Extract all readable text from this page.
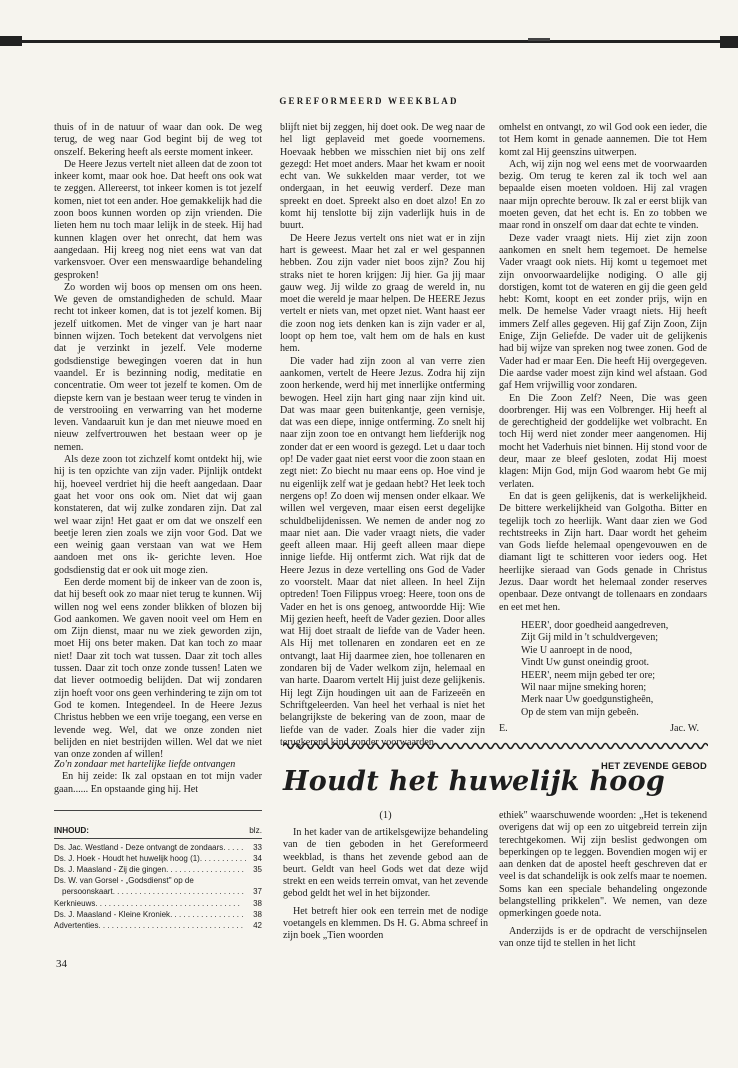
GEREFORMEERD WEEKBLAD

thuis of in de natuur of waar dan ook. De weg terug, de weg naar God begint bij de weg tot onszelf. Bekering heeft als eerste moment inkeer.

De Heere Jezus vertelt niet alleen dat de zoon tot inkeer komt, maar ook hoe. Dat heeft ons ook wat te zeggen. Allereerst, tot inkeer komen is tot jezelf komen, niet tot een ander. Hoe gemakkelijk had die zoon boos kunnen worden op zijn vrienden. Die lieten hem nu toch maar lelijk in de steek. Hij had kunnen klagen over het onrecht, dat hem was aangedaan. Hij kreeg nog niet eens wat van dat varkensvoer. Over een menswaardige behandeling gesproken!

Zo worden wij boos op mensen om ons heen. We geven de omstandigheden de schuld. Maar recht tot inkeer komen, dat is tot jezelf komen. Bij jezelf uitkomen. Met de vinger van je hart naar binnen wijzen. Toch betekent dat vervolgens niet dat je verzinkt in jezelf. Vele moderne godsdienstige bewegingen voeren dat in hun vaandel. Er is bezinning nodig, meditatie en concentratie. Om weer tot jezelf te komen. Om de diepste kern van je bestaan weer terug te vinden in de verstrooiing en verwarring van het moderne leven. Vandaaruit kun je dan met nieuwe moed en nieuw zelfvertrouwen het bestaan weer op je nemen.

Als deze zoon tot zichzelf komt ontdekt hij, wie hij is ten opzichte van zijn vader. Pijnlijk ontdekt hij, hoeveel verdriet hij die heeft aangedaan. Daar gaat het voor ons ook om. Niet dat wij gaan konstateren, dat wij zulke zondaren zijn. Dat zal wel waar zijn! Het gaat er om dat we onszelf een beetje leren zien zoals we zijn voor God. Dat we een weinig gaan verstaan van wat we Hem aandoen met ons ik- gerichte leven. Hoe godsdienstig dat er ook uit moge zien.

Een derde moment bij de inkeer van de zoon is, dat hij beseft ook zo maar niet terug te kunnen. Wij willen nog wel eens zonder blikken of blozen bij God aankomen. We gaven nooit veel om Hem en om Zijn dienst, maar nu we ziek geworden zijn, moet Hij ons beter maken. Dat kan toch zo maar niet! Daar zit toch wat tussen. Daar zit toch alles tussen. Daar zit toch onze zonde tussen! Laten we dat liever ootmoedig belijden. Dat wij zondaren zijn hoeft voor ons geen verhindering te zijn om tot God te komen. Integendeel. In de Heere Jezus Christus hebben we een vrije toegang, een verse en levende weg. Wel, dat we onze zonden niet belijden en niet bestrijden willen. Wel dat we niet van onze zonden af willen!

Zo'n zondaar met hartelijke liefde ontvangen

En hij zeide: Ik zal opstaan en tot mijn vader gaan...... En opstaande ging hij. Het

INHOUD:	blz.
Ds. Jac. Westland - Deze ontvangt de zondaars . . .	33
Ds. J. Hoek - Houdt het huwelijk hoog (1) . . .	34
Ds. J. Maasland - Zij die gingen . . .	35
Ds. W. van Gorsel - „Godsdienst" op de
persoonskaart . . .	37
Kerknieuws . . .	38
Ds. J. Maasland - Kleine Kroniek . . .	38
Advertenties . . .	42
34

blijft niet bij zeggen, hij doet ook. De weg naar de hel ligt geplaveid met goede voornemens. Hoevaak hebben we misschien niet bij ons zelf gezegd: Het moet anders. Maar het kwam er nooit echt van. We sukkelden maar verder, tot we ondergaan, in het eeuwig verderf. Deze man spreekt en doet. Spreekt also en doet alzo! En zo komt hij tenslotte bij zijn vaderlijk huis in de buurt.

De Heere Jezus vertelt ons niet wat er in zijn hart is geweest. Maar het zal er wel gespannen hebben. Zou zijn vader niet boos zijn? Zou hij straks niet te horen krijgen: Jij hier. Ga jij maar gauw weg. Jij wilde zo graag de wereld in, nu moet die wereld je maar helpen. De HEERE Jezus vertelt er niets van, met opzet niet. Want haast eer die zoon nog iets denken kan is zijn vader er al, loopt op hem toe, valt hem om de hals en kust hem.

Die vader had zijn zoon al van verre zien aankomen, vertelt de Heere Jezus. Zodra hij zijn zoon herkende, werd hij met innerlijke ontferming bewogen. Heel zijn hart ging naar zijn kind uit. Dat was maar geen buitenkantje, geen vernisje, dat was een diepe, innige ontferming. Zo snelt hij naar zijn zoon toe en ontvangt hem liefderijk nog zonder dat er een woord is gezegd. Let u daar toch op! De vader gaat niet eerst voor die zoon staan en zegt niet: Zo biecht nu maar eens op. Hoe vind je nu eigenlijk zelf wat je gedaan hebt? Het leek toch nergens op! Zo doen wij mensen onder elkaar. We willen wel vergeven, maar eisen eerst degelijke schuldbelijdenissen. We nemen de ander nog zo maar niet aan. Die vader vraagt niets, die vader geeft alleen maar. Hij geeft alleen maar diepe innige liefde. Hij ontfermt zich. Wat rijk dat de Heere Jezus in deze vertelling ons God de Vader zo voorstelt. Maar dat niet alleen. In heel Zijn optreden! Toen Filippus vroeg: Heere, toon ons de Vader en het is ons genoeg, antwoordde Hij: Wie Mij gezien heeft, heeft de Vader gezien. Door alles wat Hij doet straalt de liefde van de Vader heen. Als Hij met tollenaren en zondaren eet en ze ontvangt, laat Hij daarmee zien, hoe tollenaren en zondaren bij de Vader welkom zijn, helemaal en van harte. Daarom vertelt Hij juist deze gelijkenis. Hij legt Zijn houdingen uit aan de Farizeeën en Schriftgeleerden. Van heel het verhaal is niet het belangrijkste de bekering van de zoon, maar de liefde van de vader. Zoals hier die vader zijn terugkerend kind zonder voorwaarden

omhelst en ontvangt, zo wil God ook een ieder, die tot Hem komt in genade aannemen. Die tot Hem komt zal Hij geenszins uitwerpen.

Ach, wij zijn nog wel eens met de voorwaarden bezig. Om terug te keren zal ik toch wel aan bepaalde eisen moeten voldoen. Hij zal vragen naar mijn oprechte berouw. Ik zal er eerst blijk van moeten geven, dat het echt is. En zo tobben we maar rond in onszelf om daar dat echte te vinden.

Deze vader vraagt niets. Hij ziet zijn zoon aankomen en snelt hem tegemoet. De hemelse Vader vraagt ook niets. Hij komt u tegemoet met zijn onvoorwaardelijke nodiging. O alle gij dorstigen, komt tot de wateren en gij die geen geld hebt: Komt, koopt en eet zonder prijs, wijn en melk. De hemelse Vader vraagt niets. Hij heeft immers Zelf alles gegeven. Hij gaf Zijn Zoon, Zijn Enige, Zijn Geliefde. De vader uit de gelijkenis had bij wijze van spreken nog twee zonen. God de Vader had er maar Een. Die heeft Hij overgegeven. Die aardse vader moest zijn kind wel afstaan. God gaf Hem vrijwillig voor zondaren.

En Die Zoon Zelf? Neen, Die was geen doorbrenger. Hij was een Volbrenger. Hij heeft al de gerechtigheid der goddelijke wet volbracht. En toch Hij werd niet zonder meer aangenomen. Hij mocht het Vaderhuis niet binnen. Hij stond voor de deur, maar ze bleef gesloten, zodat Hij moest klagen: Mijn God, mijn God waarom hebt Ge mij verlaten.

En dat is geen gelijkenis, dat is werkelijkheid. De bittere werkelijkheid van Golgotha. Bitter en tegelijk toch zo heerlijk. Want daar zien we God rechtstreeks in Zijn hart. Daar wordt het geheim van Gods liefde helemaal opengevouwen en de diamant ligt te schitteren voor ieders oog. Het heerlijke sieraad van Gods genade in Christus Jezus. Daar wordt het helemaal zonder reserves openbaar. Deze ontvangt de tollenaars en zondaars en eet met hen.

HEER', door goedheid aangedreven,
Zijt Gij mild in 't schuldvergeven;
Wie U aanroept in de nood,
Vindt Uw gunst oneindig groot.
HEER', neem mijn gebed ter ore;
Wil naar mijne smeking horen;
Merk naar Uw goedgunstigheên,
Op de stem van mijn gebeên.
E.	Jac. W.
HET ZEVENDE GEBOD
Houdt het huwelijk hoog
(1)

In het kader van de artikelsgewijze behandeling van de tien geboden in het Gereformeerd weekblad, is thans het zevende gebod aan de beurt. Geldt van heel Gods wet dat deze wijd strekt en een weids terrein omvat, van het zevende gebod geldt het wel in het bijzonder.

Het betreft hier ook een terrein met de nodige voetangels en klemmen. Ds H. G. Abma schreef in zijn boek „Tien woorden

ethiek" waarschuwende woorden: „Het is tekenend overigens dat wij op een zo uitgebreid terrein zijn terechtgekomen. Wij zijn beslist gedwongen om beperkingen op te leggen. Bovendien mogen wij er aan denken dat de apostel heeft geschreven dat er veel is dat schandelijk is ook zelfs maar te noemen. Soms kan een speciale behandeling ongezonde belangstelling prikkelen". We nemen, van deze opmerkingen goede nota.

Anderzijds is er de opdracht de verschijnselen van onze tijd te stellen in het licht
